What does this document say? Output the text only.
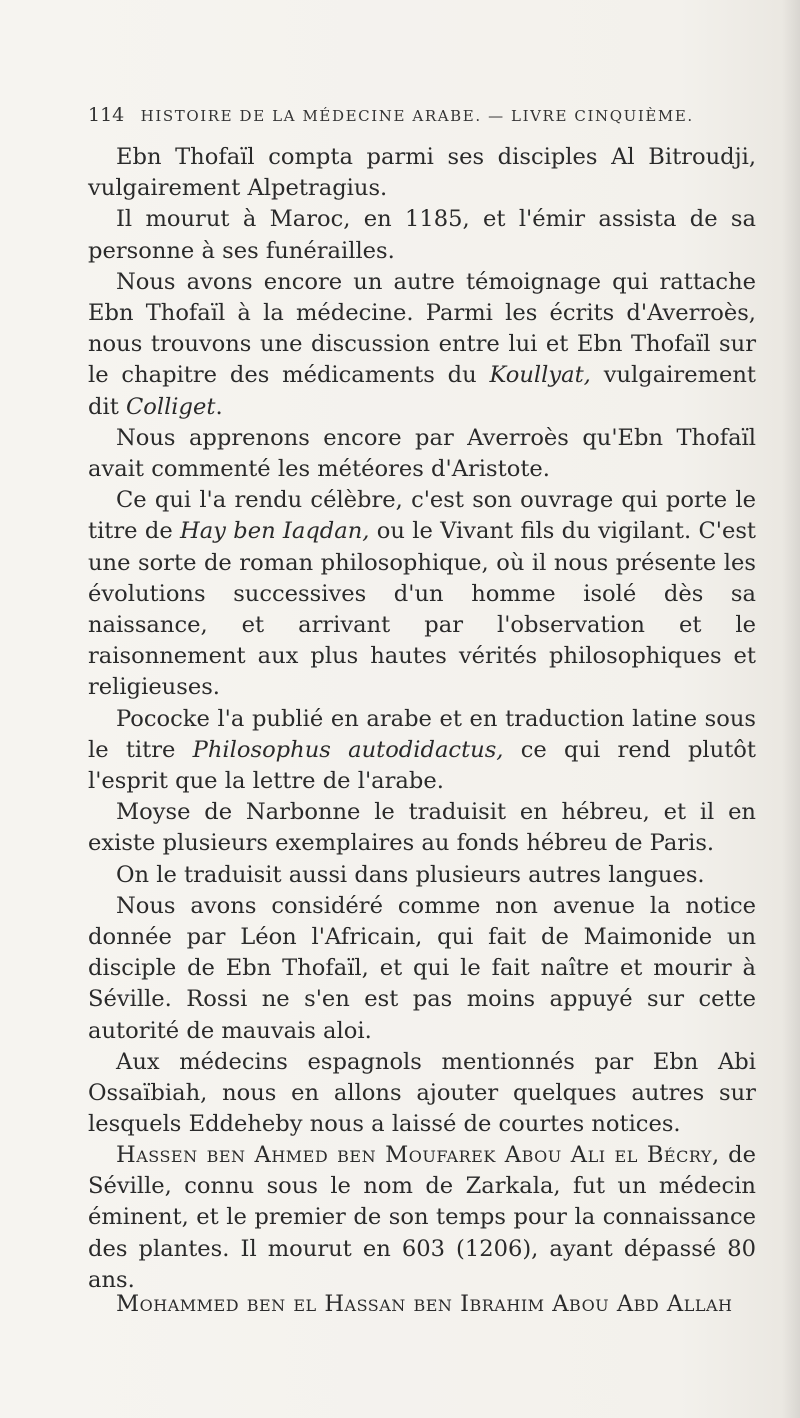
114 HISTOIRE DE LA MÉDECINE ARABE. — LIVRE CINQUIÈME.

Ebn Thofaïl compta parmi ses disciples Al Bitroudji, vulgairement Alpetragius.

Il mourut à Maroc, en 1185, et l'émir assista de sa personne à ses funérailles.

Nous avons encore un autre témoignage qui rattache Ebn Thofaïl à la médecine. Parmi les écrits d'Averroès, nous trouvons une discussion entre lui et Ebn Thofaïl sur le chapitre des médicaments du Koullyat, vulgairement dit Colliget.

Nous apprenons encore par Averroès qu'Ebn Thofaïl avait commenté les météores d'Aristote.

Ce qui l'a rendu célèbre, c'est son ouvrage qui porte le titre de Hay ben Iaqdan, ou le Vivant fils du vigilant. C'est une sorte de roman philosophique, où il nous présente les évolutions successives d'un homme isolé dès sa naissance, et arrivant par l'observation et le raisonnement aux plus hautes vérités philosophiques et religieuses.

Pococke l'a publié en arabe et en traduction latine sous le titre Philosophus autodidactus, ce qui rend plutôt l'esprit que la lettre de l'arabe.

Moyse de Narbonne le traduisit en hébreu, et il en existe plusieurs exemplaires au fonds hébreu de Paris.

On le traduisit aussi dans plusieurs autres langues.

Nous avons considéré comme non avenue la notice donnée par Léon l'Africain, qui fait de Maimonide un disciple de Ebn Thofaïl, et qui le fait naître et mourir à Séville. Rossi ne s'en est pas moins appuyé sur cette autorité de mauvais aloi.

Aux médecins espagnols mentionnés par Ebn Abi Ossaïbiah, nous en allons ajouter quelques autres sur lesquels Eddeheby nous a laissé de courtes notices.

Hassen ben Ahmed ben Moufarek Abou Ali el Bécry, de Séville, connu sous le nom de Zarkala, fut un médecin éminent, et le premier de son temps pour la connaissance des plantes. Il mourut en 603 (1206), ayant dépassé 80 ans.

Mohammed ben el Hassan ben Ibrahim Abou Abd Allah
